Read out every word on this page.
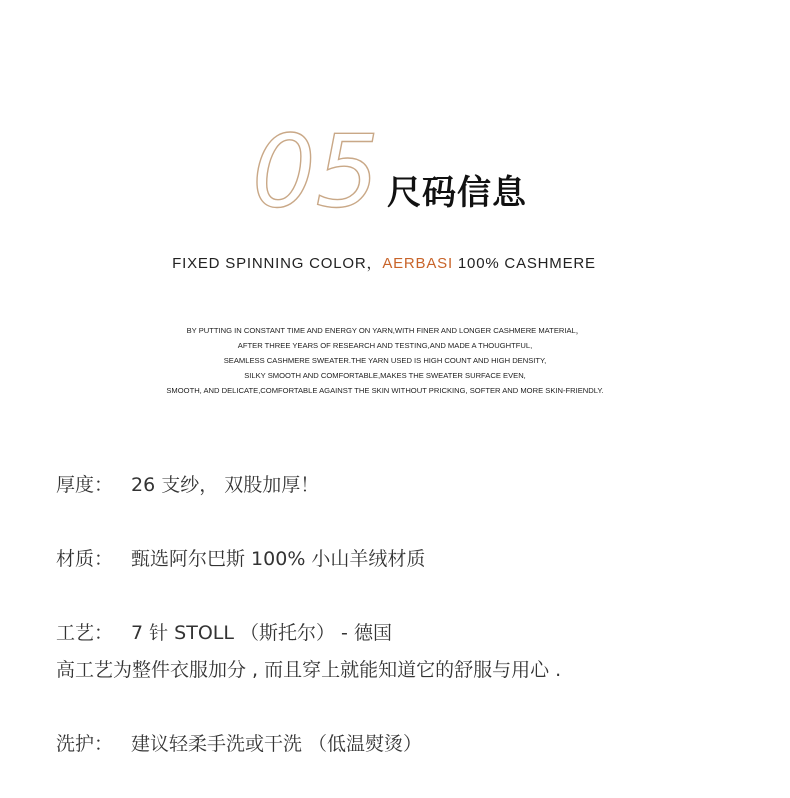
05 尺码信息
FIXED SPINNING COLOR，AERBASI 100% CASHMERE
BY PUTTING IN CONSTANT TIME AND ENERGY ON YARN,WITH FINER AND LONGER CASHMERE MATERIAL，
AFTER THREE YEARS OF RESEARCH AND TESTING,AND MADE A THOUGHTFUL,
SEAMLESS CASHMERE SWEATER.THE YARN USED IS HIGH COUNT AND HIGH DENSITY,
SILKY SMOOTH AND COMFORTABLE,MAKES THE SWEATER SURFACE EVEN,
SMOOTH, AND DELICATE,COMFORTABLE AGAINST THE SKIN WITHOUT PRICKING, SOFTER AND MORE SKIN-FRIENDLY.
厚度： 26 支纱， 双股加厚！
材质： 甄选阿尔巴斯 100% 小山羊绒材质
工艺： 7 针 STOLL （斯托尔） - 德国
高工艺为整件衣服加分 , 而且穿上就能知道它的舒服与用心 .
洗护： 建议轻柔手洗或干洗 （低温熨烫）
